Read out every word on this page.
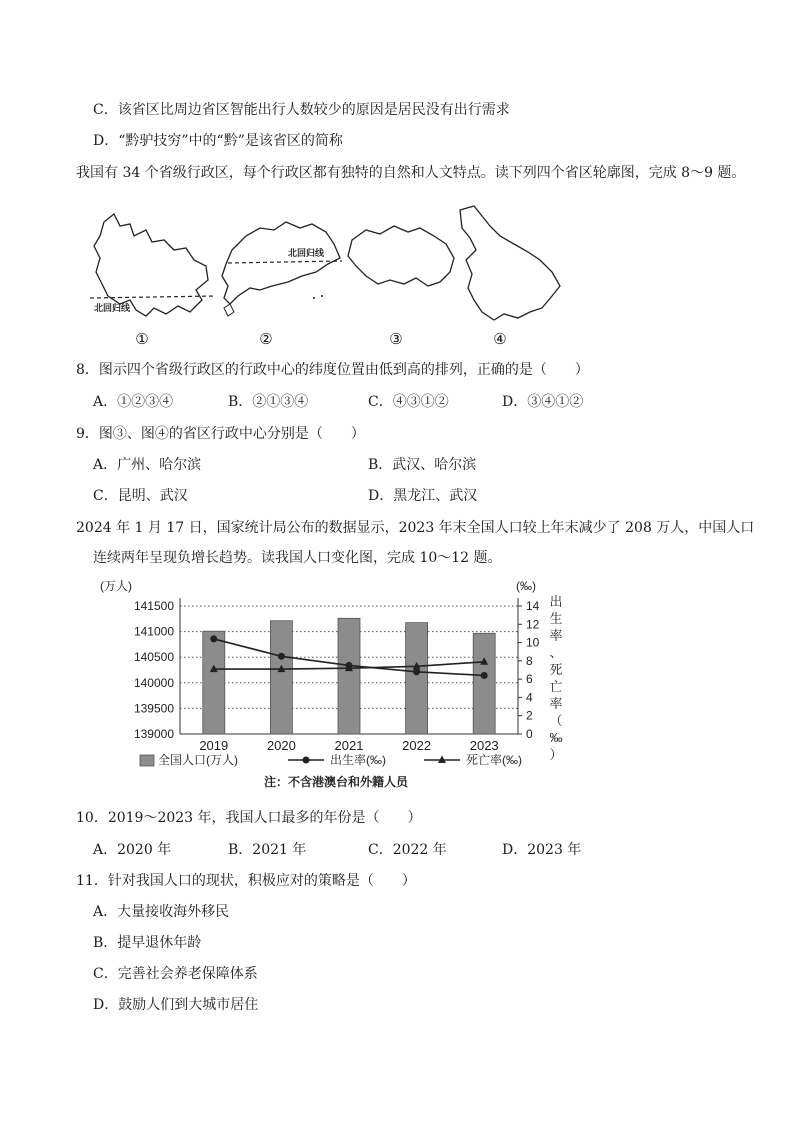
C．该省区比周边省区智能出行人数较少的原因是居民没有出行需求
D．“黔驴技穷”中的“黔”是该省区的简称
我国有 34 个省级行政区，每个行政区都有独特的自然和人文特点。读下列四个省区轮廓图，完成 8～9 题。
北回归线
①
北回归线
②	③	④
8．图示四个省级行政区的行政中心的纬度位置由低到高的排列，正确的是（　　）
A．①②③④	B．②①③④	C．④③①②	D．③④①②
9．图③、图④的省区行政中心分别是（　　）
A．广州、哈尔滨	B．武汉、哈尔滨
C．昆明、武汉	D．黑龙江、武汉
2024 年 1 月 17 日，国家统计局公布的数据显示，2023 年末全国人口较上年末减少了 208 万人，中国人口
连续两年呈现负增长趋势。读我国人口变化图，完成 10～12 题。
141500
141000
140500
140000
139500
139000
14
12
10
8
6
4
2
0
(万人)	(‰)
出
生
率
、
死
亡
率
（
‰
）
2019	2020	2021	2022	2023
全国人口(万人)	出生率(‰)	死亡率(‰)
注：不含港澳台和外籍人员
10．2019～2023 年，我国人口最多的年份是（　　）
A．2020 年	B．2021 年	C．2022 年	D．2023 年
11．针对我国人口的现状，积极应对的策略是（　　）
A．大量接收海外移民
B．提早退休年龄
C．完善社会养老保障体系
D．鼓励人们到大城市居住
